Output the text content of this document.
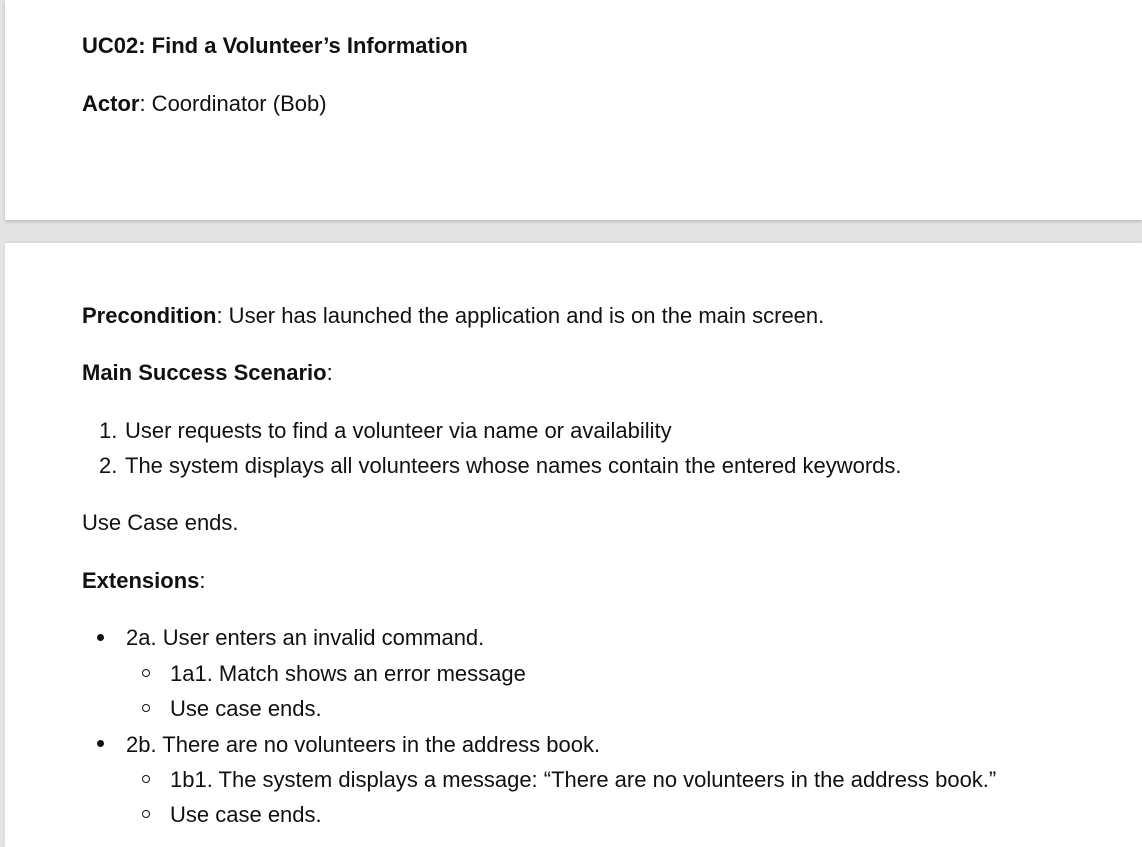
UC02: Find a Volunteer’s Information

Actor: Coordinator (Bob)

Precondition: User has launched the application and is on the main screen.

Main Success Scenario:

1. User requests to find a volunteer via name or availability
2. The system displays all volunteers whose names contain the entered keywords.

Use Case ends.

Extensions:

2a. User enters an invalid command.
1a1. Match shows an error message
Use case ends.
2b. There are no volunteers in the address book.
1b1. The system displays a message: “There are no volunteers in the address book.”
Use case ends.
